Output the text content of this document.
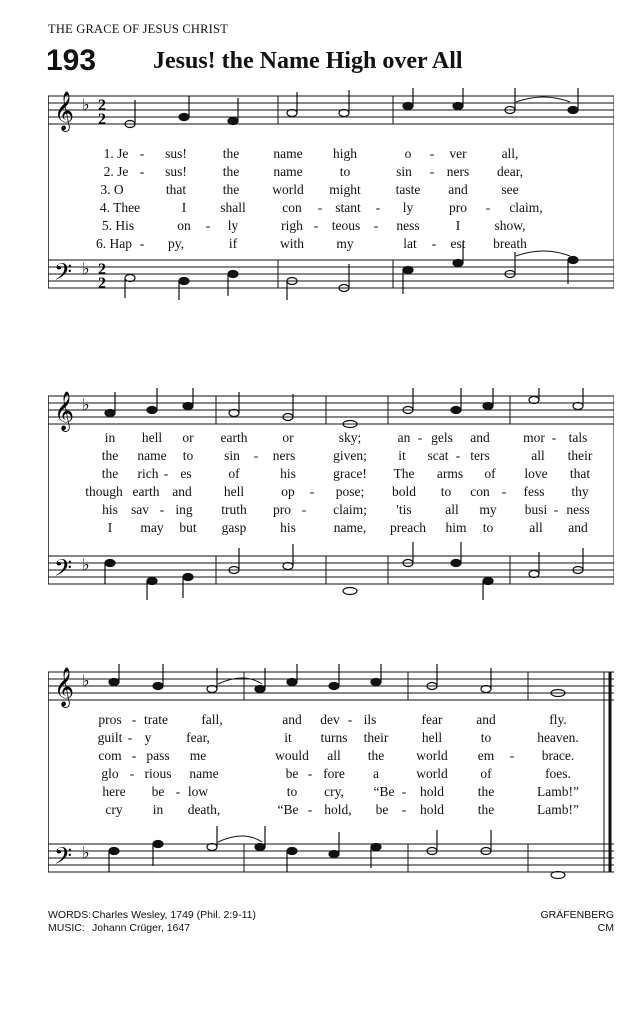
THE GRACE OF JESUS CHRIST
193 Jesus! the Name High over All
𝄞
𝄢
♭
♭
2
2
2
2
1. Je - sus!	the	name high	o - ver	all,
2. Je - sus!	the	name	to	sin - ners dear,
3. O	that	the world might	taste and see
4. Thee	I	shall	con - stant - ly	pro - claim,
5. His	on - ly	righ - teous - ness	I	show,
6. Hap - py,	if	with my	lat - est breath
𝄞
𝄢
♭
♭
in hell or earth	or	sky;	an - gels and mor - tals
the name to sin - ners	given; it scat - ters	all their
the rich - es	of	his	grace! The arms of love that
though earth and hell	op - pose; bold to con - fess thy
his sav - ing truth pro - claim; 'tis all my busi - ness
I may but gasp his	name, preach him to	all and
𝄞
𝄢
♭
♭
pros - trate fall,	and dev - ils	fear	and	fly.
guilt - y	fear,	it turns their hell	to	heaven.
com - pass me	would all the world em - brace.
glo - rious name	be - fore a	world of	foes.
here be - low	to cry, “Be - hold the	Lamb!”
cry in death,	“Be - hold, be - hold the	Lamb!”
WORDS:Charles Wesley, 1749 (Phil. 2:9-11)
MUSIC: Johann Crüger, 1647
GRÄFENBERG
CM
